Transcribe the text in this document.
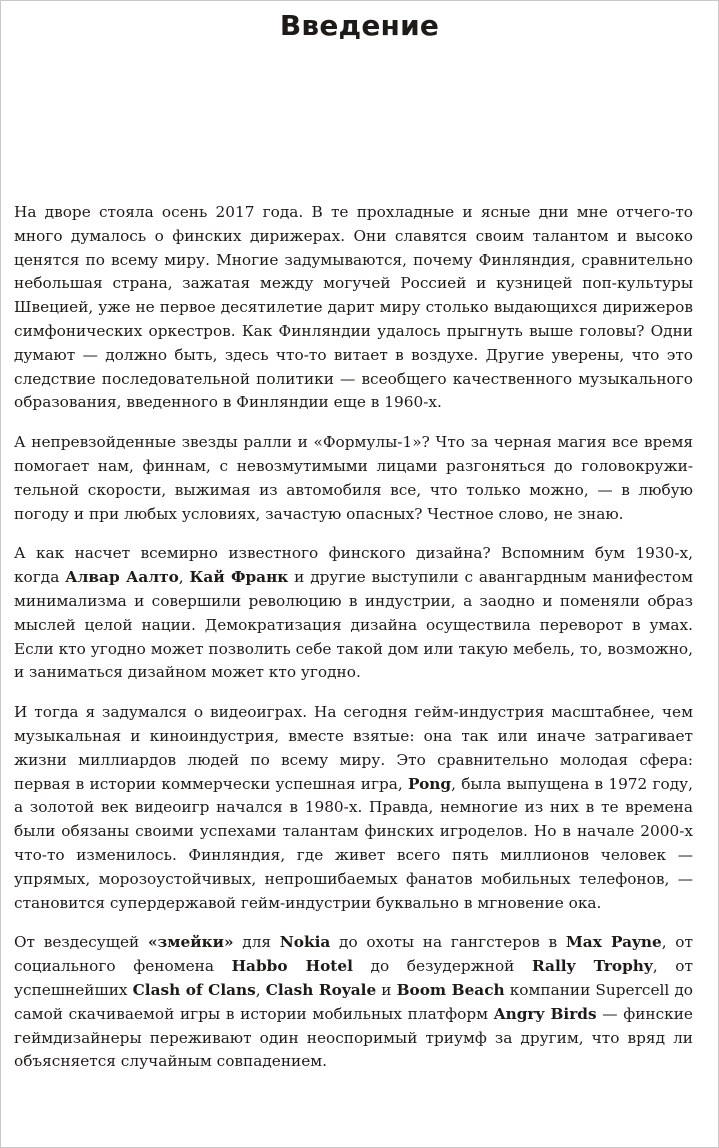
Введение

На дворе стояла осень 2017 года. В те прохладные и ясные дни мне отчего-то много думалось о финских дирижерах. Они славятся своим талантом и высоко ценятся по всему миру. Многие задумываются, почему Финляндия, сравнительно небольшая страна, зажатая между могучей Россией и кузницей поп-культуры Швецией, уже не первое десятилетие дарит миру столько выдающихся дирижеров симфонических оркестров. Как Финляндии удалось прыгнуть выше головы? Одни думают — должно быть, здесь что-то витает в воздухе. Другие уверены, что это следствие последовательной политики — всеобщего качественного музыкального образования, введенного в Финляндии еще в 1960-х.

А непревзойденные звезды ралли и «Формулы-1»? Что за черная магия все время помогает нам, финнам, с невозмутимыми лицами разгоняться до головокружительной скорости, выжимая из автомобиля все, что только можно, — в любую погоду и при любых условиях, зачастую опасных? Честное слово, не знаю.

А как насчет всемирно известного финского дизайна? Вспомним бум 1930-х, когда Алвар Аалто, Кай Франк и другие выступили с авангардным манифестом минимализма и совершили революцию в индустрии, а заодно и поменяли образ мыслей целой нации. Демократизация дизайна осуществила переворот в умах. Если кто угодно может позволить себе такой дом или такую мебель, то, возможно, и заниматься дизайном может кто угодно.

И тогда я задумался о видеоиграх. На сегодня гейм-индустрия масштабнее, чем музыкальная и киноиндустрия, вместе взятые: она так или иначе затрагивает жизни миллиардов людей по всему миру. Это сравнительно молодая сфера: первая в истории коммерчески успешная игра, Pong, была выпущена в 1972 году, а золотой век видеоигр начался в 1980-х. Правда, немногие из них в те времена были обязаны своими успехами талантам финских игроделов. Но в начале 2000-х что-то изменилось. Финляндия, где живет всего пять миллионов человек — упрямых, морозоустойчивых, непрошибаемых фанатов мобильных телефонов, — становится супердержавой гейм-индустрии буквально в мгновение ока.

От вездесущей «змейки» для Nokia до охоты на гангстеров в Max Payne, от социального феномена Habbo Hotel до безудержной Rally Trophy, от успешнейших Clash of Clans, Clash Royale и Boom Beach компании Supercell до самой скачиваемой игры в истории мобильных платформ Angry Birds — финские геймдизайнеры переживают один неоспоримый триумф за другим, что вряд ли объясняется случайным совпадением.
